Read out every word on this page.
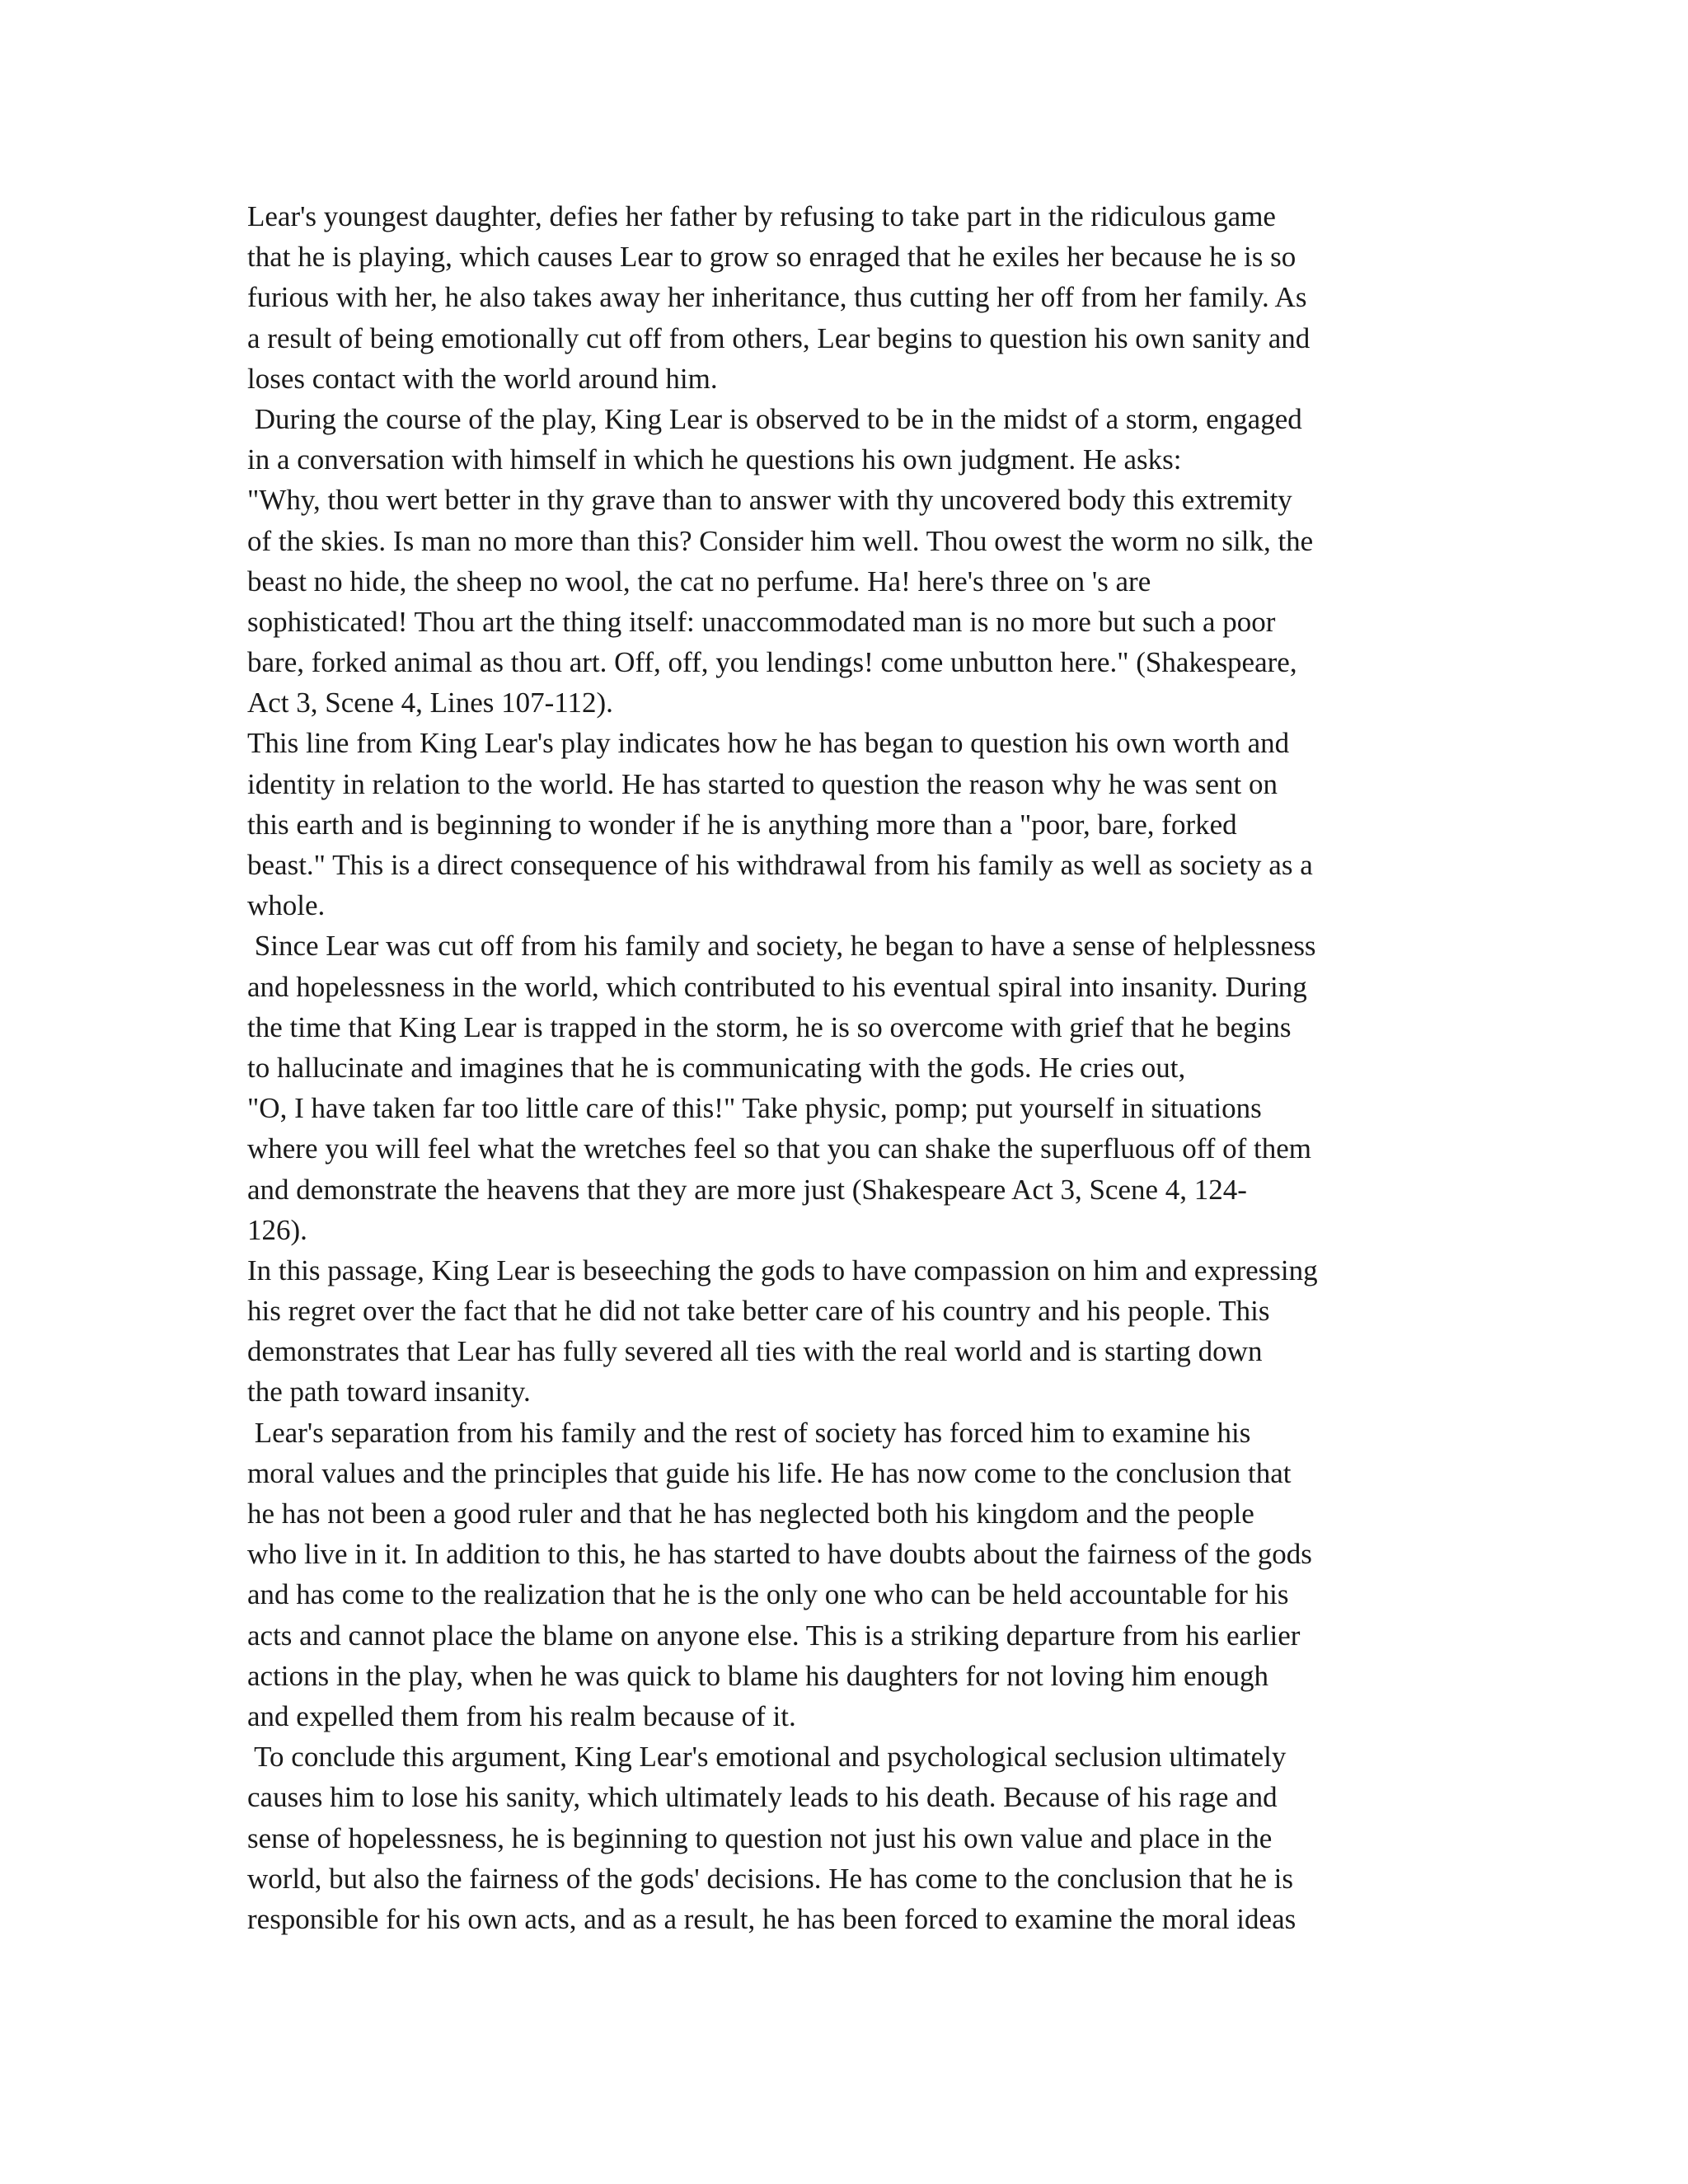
Lear's youngest daughter, defies her father by refusing to take part in the ridiculous game
that he is playing, which causes Lear to grow so enraged that he exiles her because he is so
furious with her, he also takes away her inheritance, thus cutting her off from her family. As
a result of being emotionally cut off from others, Lear begins to question his own sanity and
loses contact with the world around him.
During the course of the play, King Lear is observed to be in the midst of a storm, engaged
in a conversation with himself in which he questions his own judgment. He asks:
"Why, thou wert better in thy grave than to answer with thy uncovered body this extremity
of the skies. Is man no more than this? Consider him well. Thou owest the worm no silk, the
beast no hide, the sheep no wool, the cat no perfume. Ha! here's three on 's are
sophisticated! Thou art the thing itself: unaccommodated man is no more but such a poor
bare, forked animal as thou art. Off, off, you lendings! come unbutton here." (Shakespeare,
Act 3, Scene 4, Lines 107-112).
This line from King Lear's play indicates how he has began to question his own worth and
identity in relation to the world. He has started to question the reason why he was sent on
this earth and is beginning to wonder if he is anything more than a "poor, bare, forked
beast." This is a direct consequence of his withdrawal from his family as well as society as a
whole.
Since Lear was cut off from his family and society, he began to have a sense of helplessness
and hopelessness in the world, which contributed to his eventual spiral into insanity. During
the time that King Lear is trapped in the storm, he is so overcome with grief that he begins
to hallucinate and imagines that he is communicating with the gods. He cries out,
"O, I have taken far too little care of this!" Take physic, pomp; put yourself in situations
where you will feel what the wretches feel so that you can shake the superfluous off of them
and demonstrate the heavens that they are more just (Shakespeare Act 3, Scene 4, 124-
126).
In this passage, King Lear is beseeching the gods to have compassion on him and expressing
his regret over the fact that he did not take better care of his country and his people. This
demonstrates that Lear has fully severed all ties with the real world and is starting down
the path toward insanity.
Lear's separation from his family and the rest of society has forced him to examine his
moral values and the principles that guide his life. He has now come to the conclusion that
he has not been a good ruler and that he has neglected both his kingdom and the people
who live in it. In addition to this, he has started to have doubts about the fairness of the gods
and has come to the realization that he is the only one who can be held accountable for his
acts and cannot place the blame on anyone else. This is a striking departure from his earlier
actions in the play, when he was quick to blame his daughters for not loving him enough
and expelled them from his realm because of it.
To conclude this argument, King Lear's emotional and psychological seclusion ultimately
causes him to lose his sanity, which ultimately leads to his death. Because of his rage and
sense of hopelessness, he is beginning to question not just his own value and place in the
world, but also the fairness of the gods' decisions. He has come to the conclusion that he is
responsible for his own acts, and as a result, he has been forced to examine the moral ideas
